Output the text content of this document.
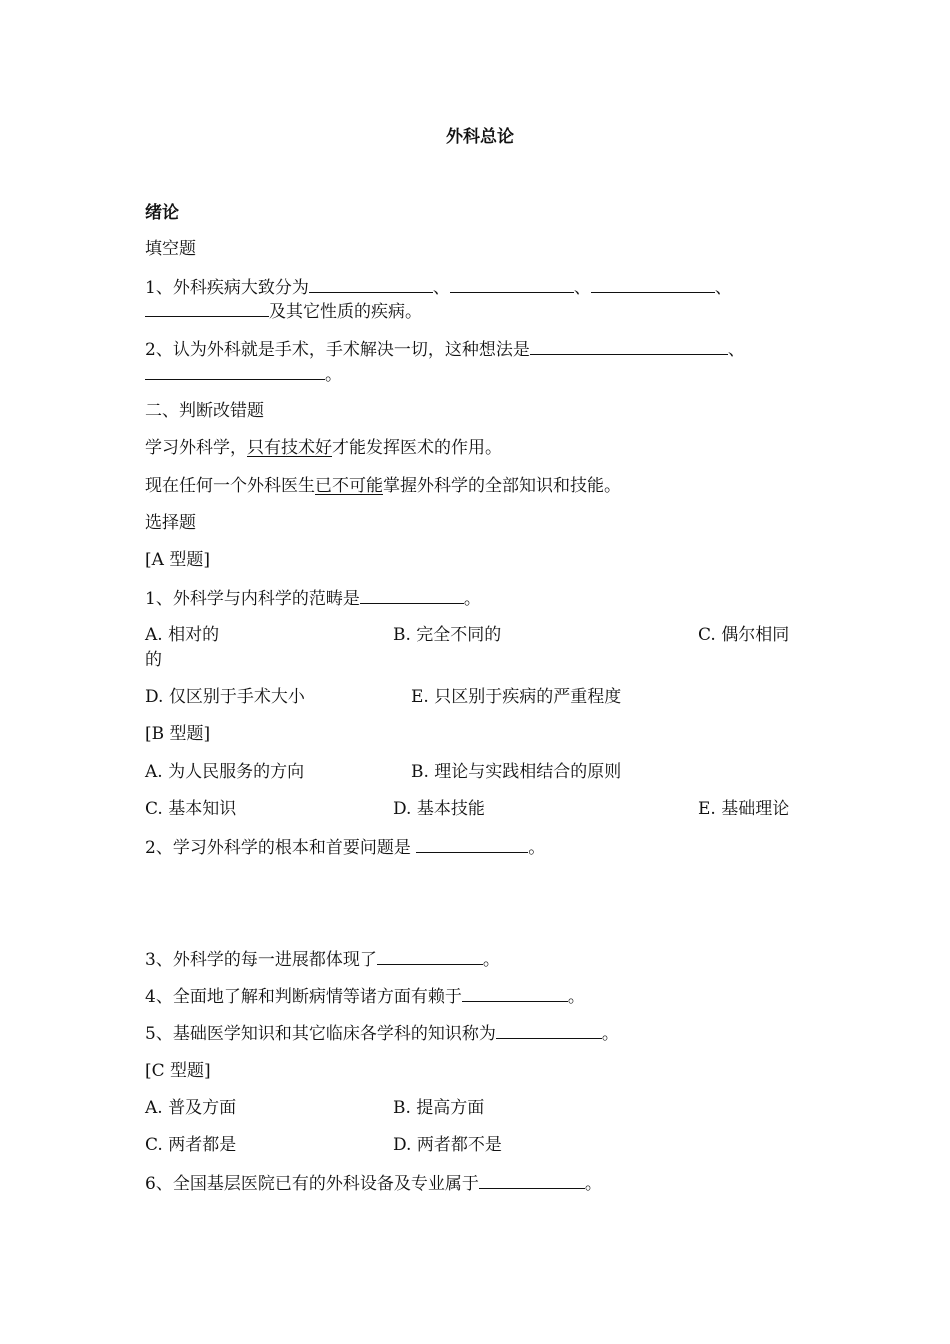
外科总论
绪论
填空题
1、外科疾病大致分为	、	、	、
及其它性质的疾病。
2、认为外科就是手术，手术解决一切，这种想法是	、
。
二、判断改错题
学习外科学，只有技术好才能发挥医术的作用。
现在任何一个外科医生已不可能掌握外科学的全部知识和技能。
选择题
[A 型题]
1、外科学与内科学的范畴是	。
A. 相对的	B. 完全不同的	C. 偶尔相同
的
D. 仅区别于手术大小	E. 只区别于疾病的严重程度
[B 型题]
A. 为人民服务的方向	B. 理论与实践相结合的原则
C. 基本知识	D. 基本技能	E. 基础理论
2、学习外科学的根本和首要问题是	。
3、外科学的每一进展都体现了	。
4、全面地了解和判断病情等诸方面有赖于	。
5、基础医学知识和其它临床各学科的知识称为	。
[C 型题]
A. 普及方面	B. 提高方面
C. 两者都是	D. 两者都不是
6、全国基层医院已有的外科设备及专业属于	。
